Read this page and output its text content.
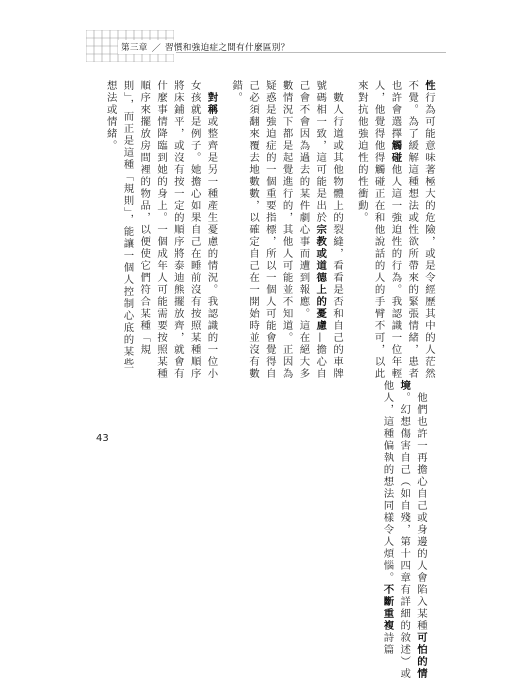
第三章 ／ 習慣和強迫症之間有什麼區別？

性行為可能意味著極大的危險，或是令經歷其中的人茫然不覺。為了緩解這種想法或性欲所帶來的緊張情緒，患者也許會選擇觸碰他人這一強迫性的行為。我認識一位年輕人，他覺得他得觸碰正在和他說話的人的手臂不可，以此來對抗他強迫性的性衝動。

　數人行道或其他物體上的裂縫，看看是否和自己的車牌號碼相一致，這可能是出於宗教或道德上的憂慮—擔心自己會不會因為過去的某件劇心事而遭到報應。這在絕大多數情況下都是起覺進行的，其他人可能並不知道。正因為疑惑是強迫症的一個重要指標，所以一個人可能會覺得自己必須翻來覆去地數數，以確定自己在一開始時並沒有數錯。

　對稱或整齊是另一種產生憂慮的情況。我認識的一位小女孩就是例子。她擔心如果自己在睡前沒有按照某種順序將床鋪平，或沒有按一定的順序將泰迪熊擺放齊，就會有什麼事情降臨到她的身上。一個成年人可能需要按照某種順序來擺放房間裡的物品，以便使它們符合某種「規則」，而正是這種「規則」，能讓一個人控制心底的某些想法或情緒。

　他們也許一再擔心自己或身邊的人會陷入某種可怕的情境。幻想傷害自己（如自殘，第十四章有詳細的敘述）或他人，這種偏執的想法同樣令人煩惱。不斷重複詩篇

43
